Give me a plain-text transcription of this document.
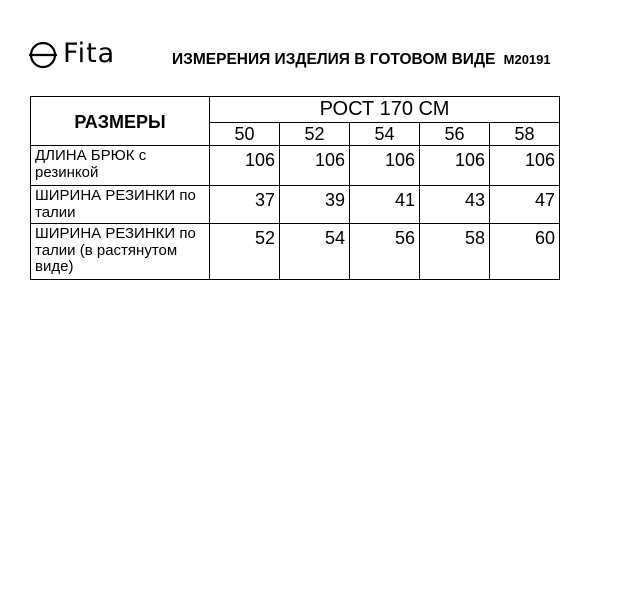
Fita	ИЗМЕРЕНИЯ ИЗДЕЛИЯ В ГОТОВОМ ВИДЕ M20191
РАЗМЕРЫ	РОСТ 170 СМ				
	50	52	54	56	58
ДЛИНА БРЮК с резинкой	106	106	106	106	106
ШИРИНА РЕЗИНКИ по талии	37	39	41	43	47
ШИРИНА РЕЗИНКИ по талии (в растянутом виде)	52	54	56	58	60
